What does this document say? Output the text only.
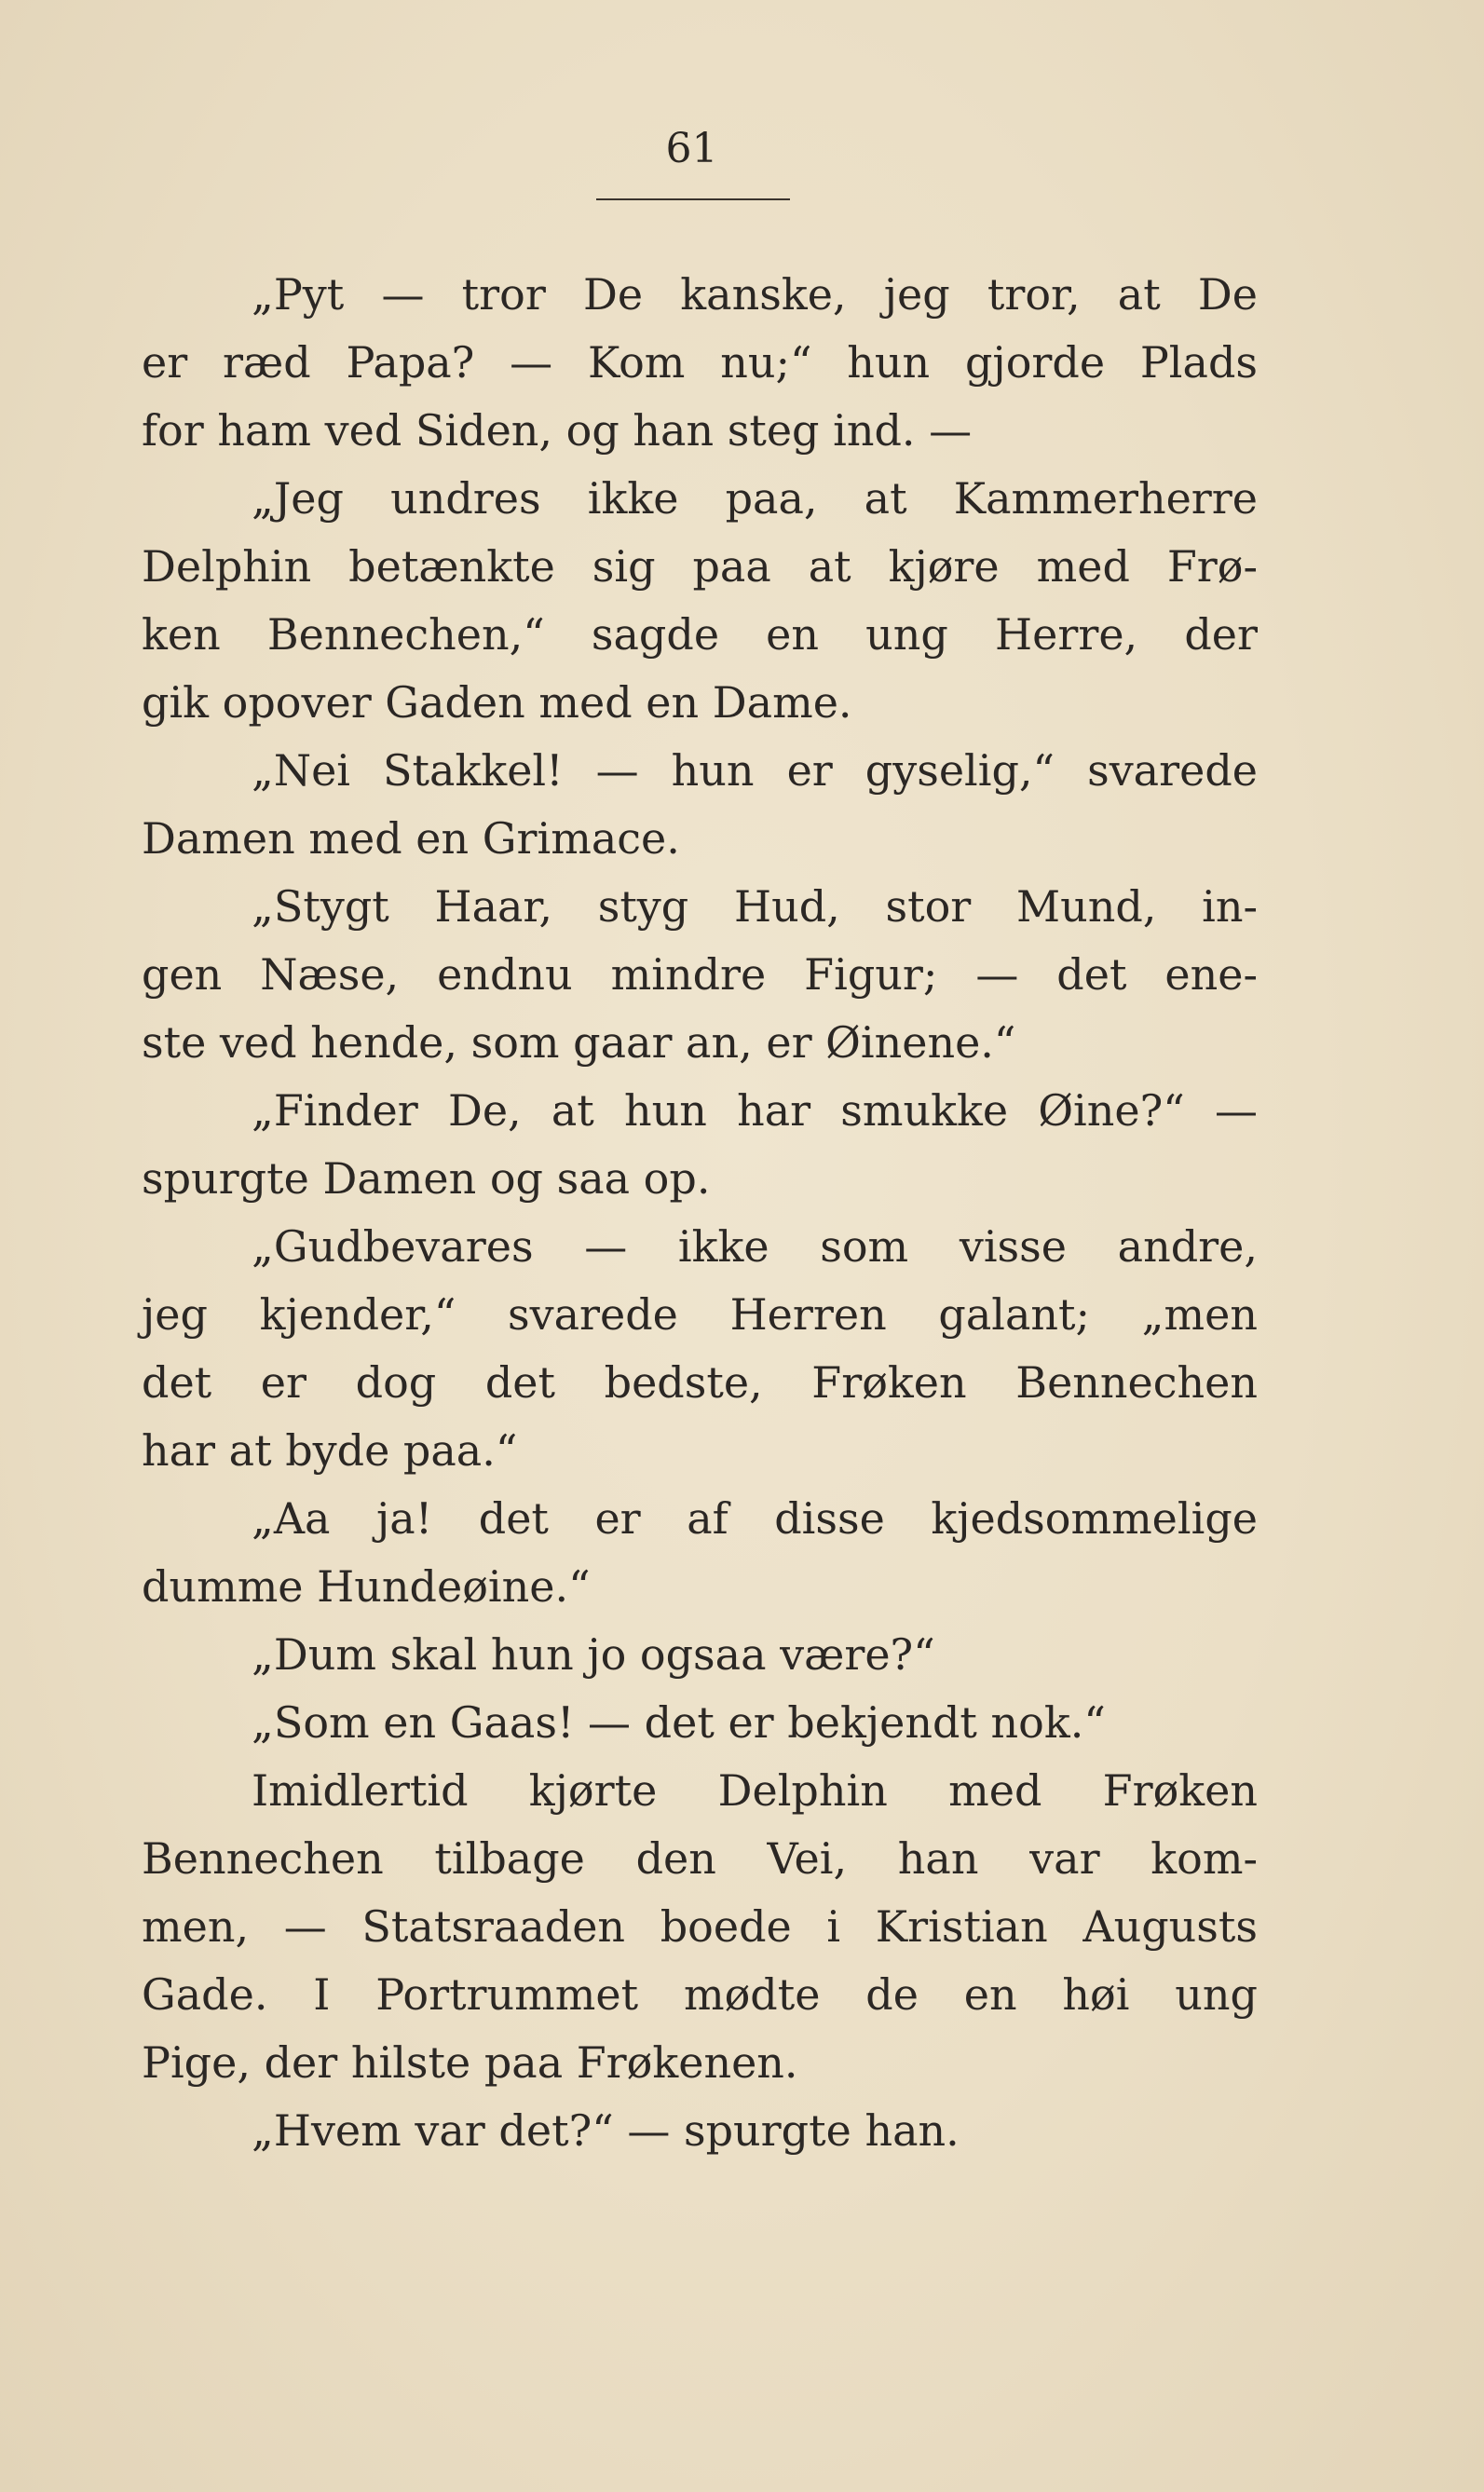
61
„Pyt — tror De kanske, jeg tror, at De
er ræd Papa? — Kom nu;“ hun gjorde Plads
for ham ved Siden, og han steg ind. —
„Jeg undres ikke paa, at Kammerherre
Delphin betænkte sig paa at kjøre med Frø-
ken Bennechen,“ sagde en ung Herre, der
gik opover Gaden med en Dame.
„Nei Stakkel! — hun er gyselig,“ svarede
Damen med en Grimace.
„Stygt Haar, styg Hud, stor Mund, in-
gen Næse, endnu mindre Figur; — det ene-
ste ved hende, som gaar an, er Øinene.“
„Finder De, at hun har smukke Øine?“ —
spurgte Damen og saa op.
„Gudbevares — ikke som visse andre,
jeg kjender,“ svarede Herren galant; „men
det er dog det bedste, Frøken Bennechen
har at byde paa.“
„Aa ja! det er af disse kjedsommelige
dumme Hundeøine.“
„Dum skal hun jo ogsaa være?“
„Som en Gaas! — det er bekjendt nok.“
Imidlertid kjørte Delphin med Frøken
Bennechen tilbage den Vei, han var kom-
men, — Statsraaden boede i Kristian Augusts
Gade. I Portrummet mødte de en høi ung
Pige, der hilste paa Frøkenen.
„Hvem var det?“ — spurgte han.
